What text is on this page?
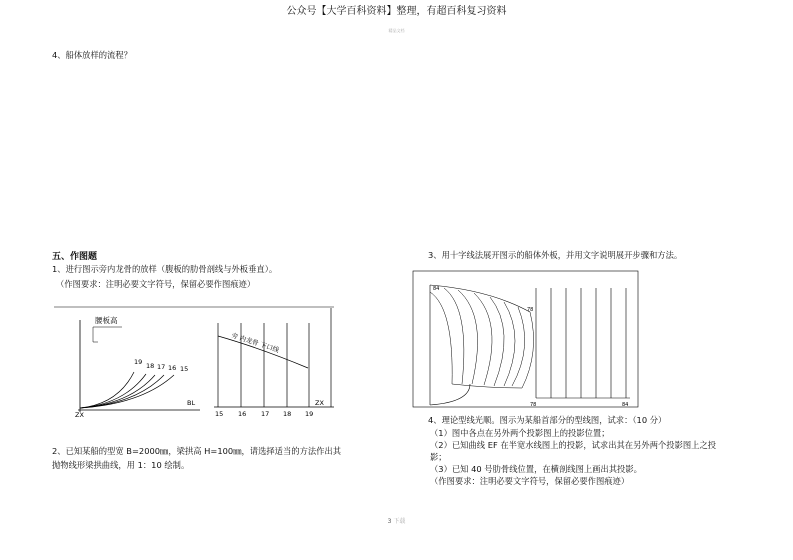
公众号【大学百科资料】整理，有超百科复习资料
精品文档
4、船体放样的流程？
五、作图题
1、进行图示旁内龙骨的放样（腹板的肋骨剖线与外板垂直）。
（作图要求：注明必要文字符号，保留必要作图痕迹）
2、已知某船的型宽 B=2000㎜，梁拱高 H=100㎜，请选择适当的方法作出其
抛物线形梁拱曲线，用 1：10 绘制。
3、用十字线法展开图示的船体外板，并用文字说明展开步骤和方法。
4、理论型线光顺。图示为某船首部分的型线图，试求：（10 分）
（1）图中各点在另外两个投影图上的投影位置；
（2）已知曲线 EF 在半宽水线图上的投影，试求出其在另外两个投影图上之投
影；
（3）已知 40 号肋骨线位置，在横剖线图上画出其投影。
（作图要求：注明必要文字符号，保留必要作图痕迹）
腰板高
19 18 17 16 15
BL
ZX
旁 内龙骨 下口线
ZX
15 16 17 18 19
84
78
78	84
3 下载
